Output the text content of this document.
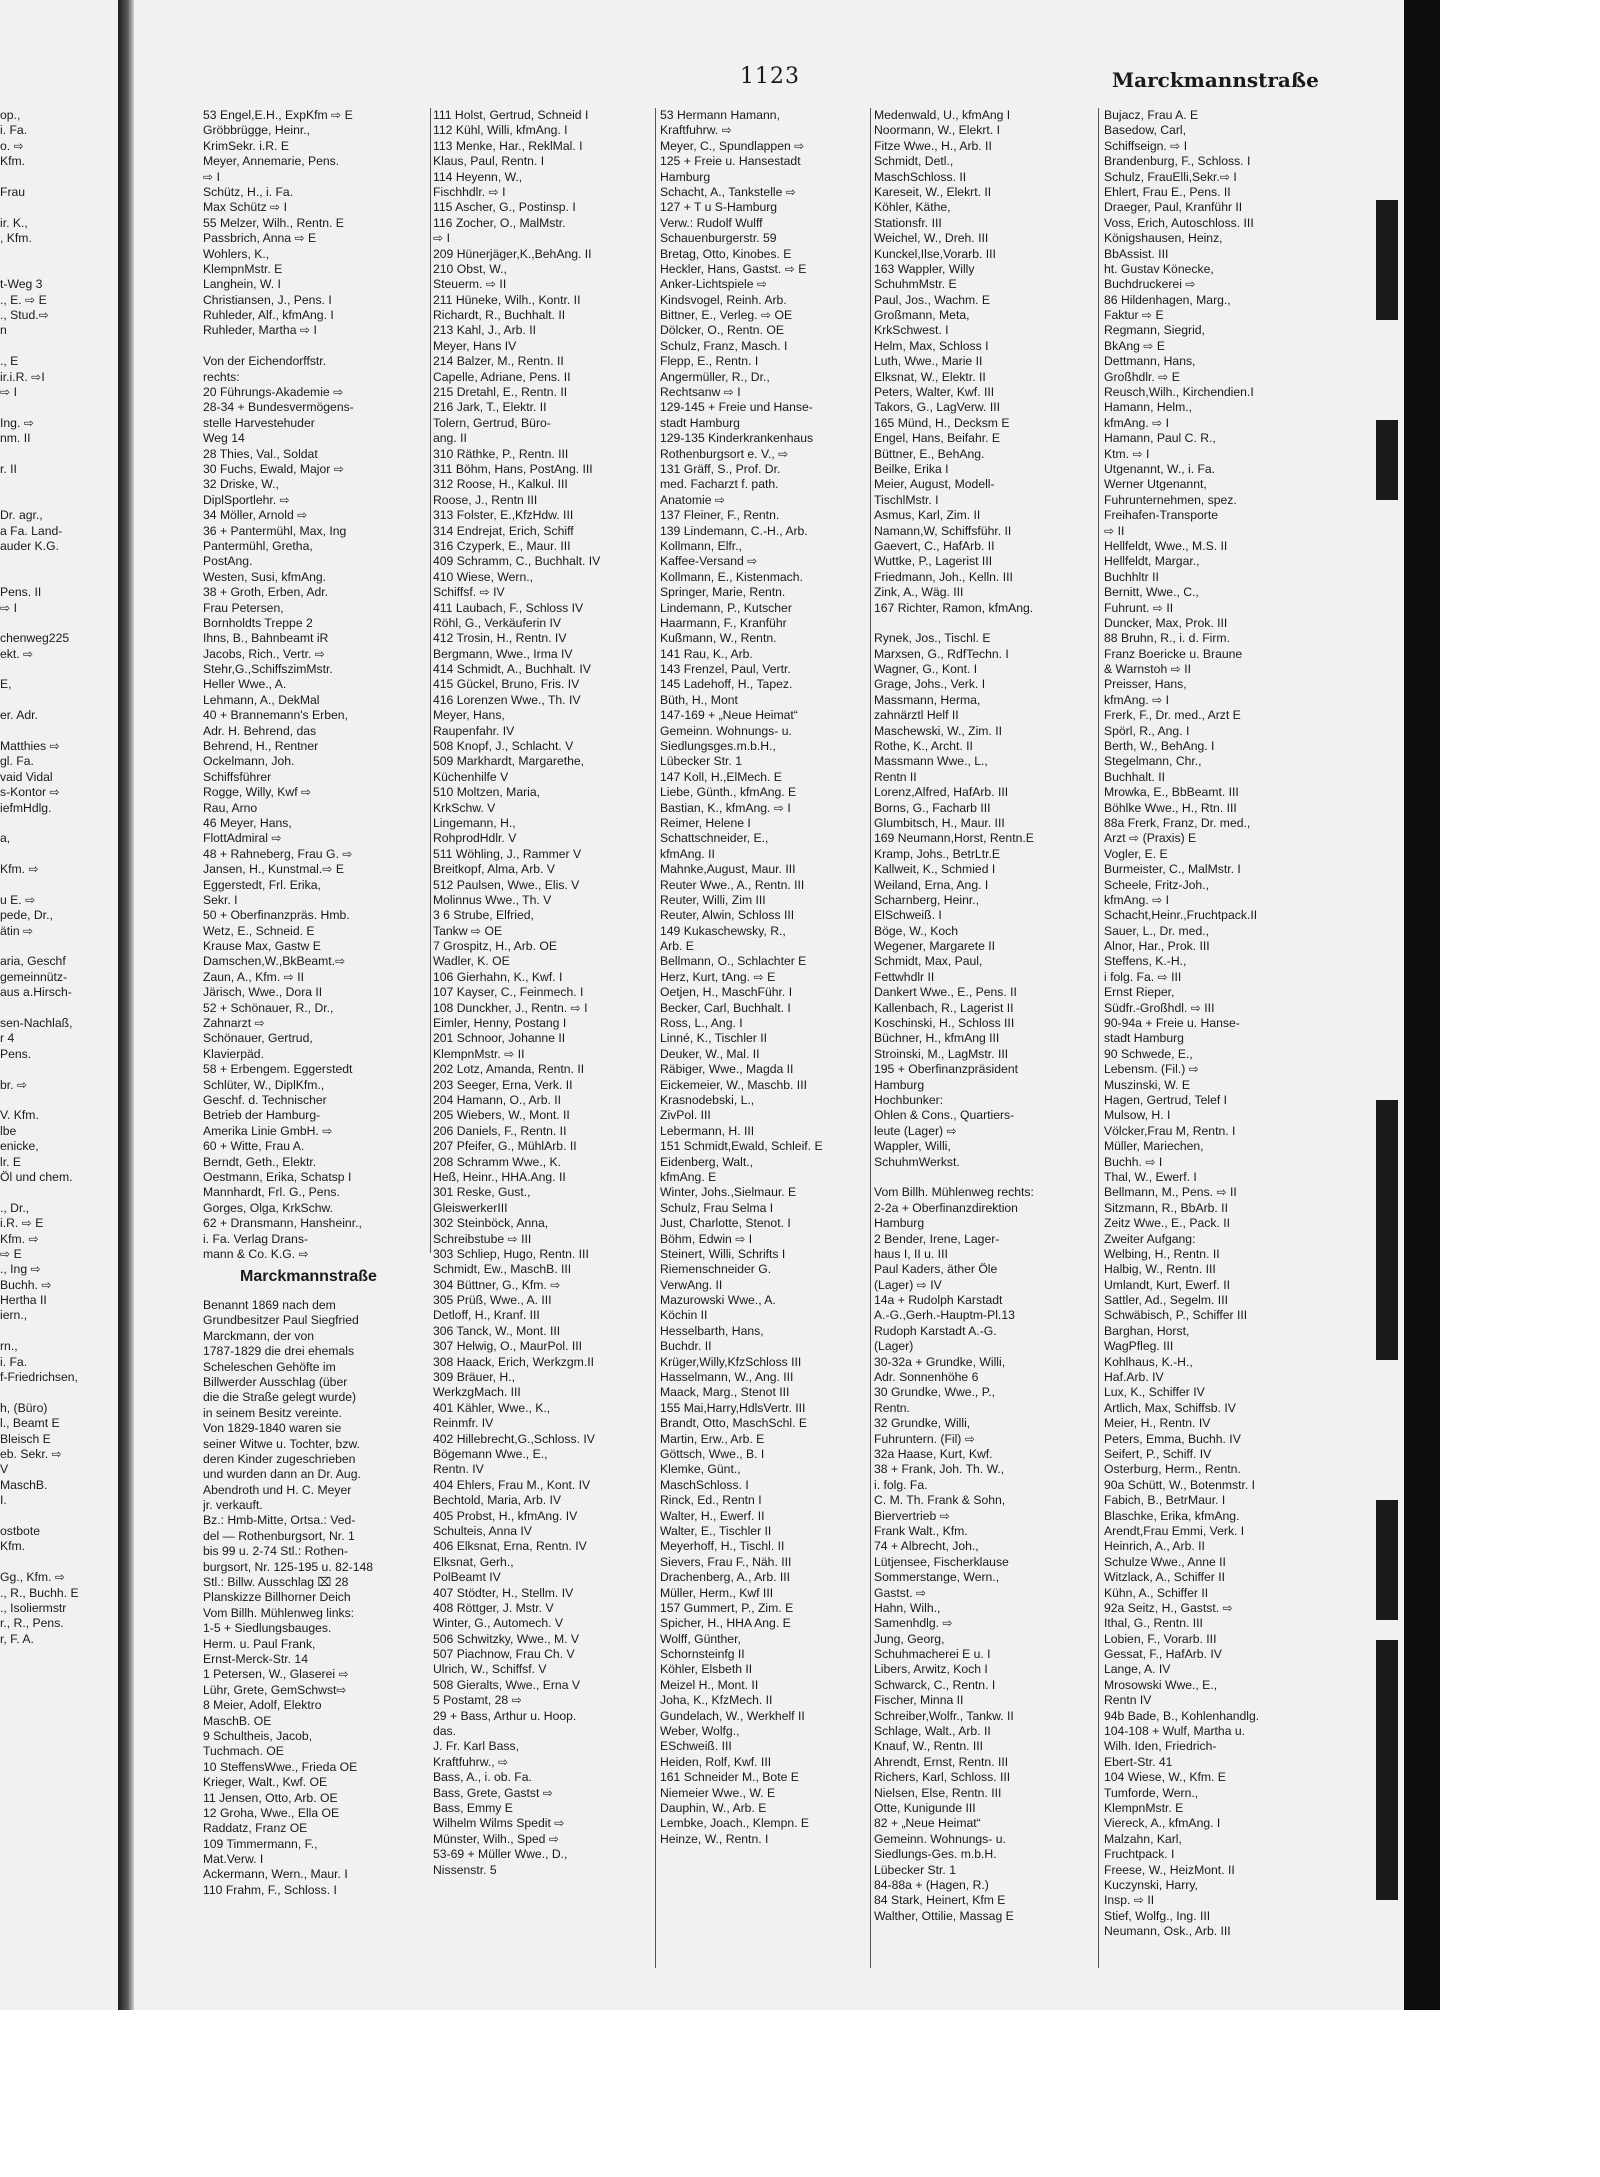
1123	Marckmannstraße
op.,
i. Fa.
o. ⇨
Kfm.
Frau
ir. K.,
, Kfm.
t-Weg 3
., E. ⇨ E
., Stud.⇨
n
., E
ir.i.R. ⇨I
⇨ I
Ing. ⇨
nm. II
r. II
Dr. agr.,
a Fa. Land-
auder K.G.
Pens. II
⇨ I
chenweg225
ekt. ⇨
E,
er. Adr.
Matthies ⇨
gl. Fa.
vaid Vidal
s-Kontor ⇨
iefmHdlg.
a,
Kfm. ⇨
u E. ⇨
pede, Dr.,
ätin ⇨
aria, Geschf
gemeinnütz-
aus a.Hirsch-
sen-Nachlaß,
r 4
Pens.
br. ⇨
V. Kfm.
lbe
enicke,
lr. E
Öl und chem.
., Dr.,
i.R. ⇨ E
Kfm. ⇨
⇨ E
., Ing ⇨
Buchh. ⇨
Hertha II
iern.,
rn.,
i. Fa.
f-Friedrichsen,
h, (Büro)
l., Beamt E
Bleisch E
eb. Sekr. ⇨
V
MaschB.
I.
ostbote
Kfm.
Gg., Kfm. ⇨
., R., Buchh. E
., Isoliermstr
r., R., Pens.
r, F. A.
53 Engel,E.H., ExpKfm ⇨ E
Gröbbrügge, Heinr.,
KrimSekr. i.R. E
Meyer, Annemarie, Pens.
⇨ I
Schütz, H., i. Fa.
Max Schütz ⇨ I
55 Melzer, Wilh., Rentn. E
Passbrich, Anna ⇨ E
Wohlers, K.,
KlempnMstr. E
Langhein, W. I
Christiansen, J., Pens. I
Ruhleder, Alf., kfmAng. I
Ruhleder, Martha ⇨ I
Von der Eichendorffstr.
rechts:
20 Führungs-Akademie ⇨
28-34 + Bundesvermögens-
stelle Harvestehuder
Weg 14
28 Thies, Val., Soldat
30 Fuchs, Ewald, Major ⇨
32 Driske, W.,
DiplSportlehr. ⇨
34 Möller, Arnold ⇨
36 + Pantermühl, Max, Ing
Pantermühl, Gretha,
PostAng.
Westen, Susi, kfmAng.
38 + Groth, Erben, Adr.
Frau Petersen,
Bornholdts Treppe 2
Ihns, B., Bahnbeamt iR
Jacobs, Rich., Vertr. ⇨
Stehr,G.,SchiffszimMstr.
Heller Wwe., A.
Lehmann, A., DekMal
40 + Brannemann's Erben,
Adr. H. Behrend, das
Behrend, H., Rentner
Ockelmann, Joh.
Schiffsführer
Rogge, Willy, Kwf ⇨
Rau, Arno
46 Meyer, Hans,
FlottAdmiral ⇨
48 + Rahneberg, Frau G. ⇨
Jansen, H., Kunstmal.⇨ E
Eggerstedt, Frl. Erika,
Sekr. I
50 + Oberfinanzpräs. Hmb.
Wetz, E., Schneid. E
Krause Max, Gastw E
Damschen,W.,BkBeamt.⇨
Zaun, A., Kfm. ⇨ II
Järisch, Wwe., Dora II
52 + Schönauer, R., Dr.,
Zahnarzt ⇨
Schönauer, Gertrud,
Klavierpäd.
58 + Erbengem. Eggerstedt
Schlüter, W., DiplKfm.,
Geschf. d. Technischer
Betrieb der Hamburg-
Amerika Linie GmbH. ⇨
60 + Witte, Frau A.
Berndt, Geth., Elektr.
Oestmann, Erika, Schatsp I
Mannhardt, Frl. G., Pens.
Gorges, Olga, KrkSchw.
62 + Dransmann, Hansheinr.,
i. Fa. Verlag Drans-
mann & Co. K.G. ⇨
Marckmannstraße
Benannt 1869 nach dem
Grundbesitzer Paul Siegfried
Marckmann, der von
1787-1829 die drei ehemals
Scheleschen Gehöfte im
Billwerder Ausschlag (über
die die Straße gelegt wurde)
in seinem Besitz vereinte.
Von 1829-1840 waren sie
seiner Witwe u. Tochter, bzw.
deren Kinder zugeschrieben
und wurden dann an Dr. Aug.
Abendroth und H. C. Meyer
jr. verkauft.
Bz.: Hmb-Mitte, Ortsa.: Ved-
del — Rothenburgsort, Nr. 1
bis 99 u. 2-74 Stl.: Rothen-
burgsort, Nr. 125-195 u. 82-148
Stl.: Billw. Ausschlag ⌧ 28
Planskizze Billhorner Deich
Vom Billh. Mühlenweg links:
1-5 + Siedlungsbauges.
Herm. u. Paul Frank,
Ernst-Merck-Str. 14
1 Petersen, W., Glaserei ⇨
Lühr, Grete, GemSchwst⇨
8 Meier, Adolf, Elektro
MaschB. OE
9 Schultheis, Jacob,
Tuchmach. OE
10 SteffensWwe., Frieda OE
Krieger, Walt., Kwf. OE
11 Jensen, Otto, Arb. OE
12 Groha, Wwe., Ella OE
Raddatz, Franz OE
109 Timmermann, F.,
Mat.Verw. I
Ackermann, Wern., Maur. I
110 Frahm, F., Schloss. I
111 Holst, Gertrud, Schneid I
112 Kühl, Willi, kfmAng. I
113 Menke, Har., ReklMal. I
Klaus, Paul, Rentn. I
114 Heyenn, W.,
Fischhdlr. ⇨ I
115 Ascher, G., Postinsp. I
116 Zocher, O., MalMstr.
⇨ I
209 Hünerjäger,K.,BehAng. II
210 Obst, W.,
Steuerm. ⇨ II
211 Hüneke, Wilh., Kontr. II
Richardt, R., Buchhalt. II
213 Kahl, J., Arb. II
Meyer, Hans IV
214 Balzer, M., Rentn. II
Capelle, Adriane, Pens. II
215 Dretahl, E., Rentn. II
216 Jark, T., Elektr. II
Tolern, Gertrud, Büro-
ang. II
310 Räthke, P., Rentn. III
311 Böhm, Hans, PostAng. III
312 Roose, H., Kalkul. III
Roose, J., Rentn III
313 Folster, E.,KfzHdw. III
314 Endrejat, Erich, Schiff
316 Czyperk, E., Maur. III
409 Schramm, C., Buchhalt. IV
410 Wiese, Wern.,
Schiffsf. ⇨ IV
411 Laubach, F., Schloss IV
Röhl, G., Verkäuferin IV
412 Trosin, H., Rentn. IV
Bergmann, Wwe., Irma IV
414 Schmidt, A., Buchhalt. IV
415 Gückel, Bruno, Fris. IV
416 Lorenzen Wwe., Th. IV
Meyer, Hans,
Raupenfahr. IV
508 Knopf, J., Schlacht. V
509 Markhardt, Margarethe,
Küchenhilfe V
510 Moltzen, Maria,
KrkSchw. V
Lingemann, H.,
RohprodHdlr. V
511 Wöhling, J., Rammer V
Breitkopf, Alma, Arb. V
512 Paulsen, Wwe., Elis. V
Molinnus Wwe., Th. V
3 6 Strube, Elfried,
Tankw ⇨ OE
7 Grospitz, H., Arb. OE
Wadler, K. OE
106 Gierhahn, K., Kwf. I
107 Kayser, C., Feinmech. I
108 Dunckher, J., Rentn. ⇨ I
Eimler, Henny, Postang I
201 Schnoor, Johanne II
KlempnMstr. ⇨ II
202 Lotz, Amanda, Rentn. II
203 Seeger, Erna, Verk. II
204 Hamann, O., Arb. II
205 Wiebers, W., Mont. II
206 Daniels, F., Rentn. II
207 Pfeifer, G., MühlArb. II
208 Schramm Wwe., K.
Heß, Heinr., HHA.Ang. II
301 Reske, Gust.,
GleiswerkerIII
302 Steinböck, Anna,
Schreibstube ⇨ III
303 Schliep, Hugo, Rentn. III
Schmidt, Ew., MaschB. III
304 Büttner, G., Kfm. ⇨
305 Prüß, Wwe., A. III
Detloff, H., Kranf. III
306 Tanck, W., Mont. III
307 Helwig, O., MaurPol. III
308 Haack, Erich, Werkzgm.II
309 Bräuer, H.,
WerkzgMach. III
401 Kähler, Wwe., K.,
Reinmfr. IV
402 Hillebrecht,G.,Schloss. IV
Bögemann Wwe., E.,
Rentn. IV
404 Ehlers, Frau M., Kont. IV
Bechtold, Maria, Arb. IV
405 Probst, H., kfmAng. IV
Schulteis, Anna IV
406 Elksnat, Erna, Rentn. IV
Elksnat, Gerh.,
PolBeamt IV
407 Stödter, H., Stellm. IV
408 Röttger, J. Mstr. V
Winter, G., Automech. V
506 Schwitzky, Wwe., M. V
507 Piachnow, Frau Ch. V
Ulrich, W., Schiffsf. V
508 Gieralts, Wwe., Erna V
5 Postamt, 28 ⇨
29 + Bass, Arthur u. Hoop.
das.
J. Fr. Karl Bass,
Kraftfuhrw., ⇨
Bass, A., i. ob. Fa.
Bass, Grete, Gastst ⇨
Bass, Emmy E
Wilhelm Wilms Spedit ⇨
Münster, Wilh., Sped ⇨
53-69 + Müller Wwe., D.,
Nissenstr. 5
53 Hermann Hamann,
Kraftfuhrw. ⇨
Meyer, C., Spundlappen ⇨
125 + Freie u. Hansestadt
Hamburg
Schacht, A., Tankstelle ⇨
127 + T u S-Hamburg
Verw.: Rudolf Wulff
Schauenburgerstr. 59
Bretag, Otto, Kinobes. E
Heckler, Hans, Gastst. ⇨ E
Anker-Lichtspiele ⇨
Kindsvogel, Reinh. Arb.
Bittner, E., Verleg. ⇨ OE
Dölcker, O., Rentn. OE
Schulz, Franz, Masch. I
Flepp, E., Rentn. I
Angermüller, R., Dr.,
Rechtsanw ⇨ I
129-145 + Freie und Hanse-
stadt Hamburg
129-135 Kinderkrankenhaus
Rothenburgsort e. V., ⇨
131 Gräff, S., Prof. Dr.
med. Facharzt f. path.
Anatomie ⇨
137 Fleiner, F., Rentn.
139 Lindemann, C.-H., Arb.
Kollmann, Elfr.,
Kaffee-Versand ⇨
Kollmann, E., Kistenmach.
Springer, Marie, Rentn.
Lindemann, P., Kutscher
Haarmann, F., Kranführ
Kußmann, W., Rentn.
141 Rau, K., Arb.
143 Frenzel, Paul, Vertr.
145 Ladehoff, H., Tapez.
Büth, H., Mont
147-169 + „Neue Heimat“
Gemeinn. Wohnungs- u.
Siedlungsges.m.b.H.,
Lübecker Str. 1
147 Koll, H.,ElMech. E
Liebe, Günth., kfmAng. E
Bastian, K., kfmAng. ⇨ I
Reimer, Helene I
Schattschneider, E.,
kfmAng. II
Mahnke,August, Maur. III
Reuter Wwe., A., Rentn. III
Reuter, Willi, Zim III
Reuter, Alwin, Schloss III
149 Kukaschewsky, R.,
Arb. E
Bellmann, O., Schlachter E
Herz, Kurt, tAng. ⇨ E
Oetjen, H., MaschFühr. I
Becker, Carl, Buchhalt. I
Ross, L., Ang. I
Linné, K., Tischler II
Deuker, W., Mal. II
Räbiger, Wwe., Magda II
Eickemeier, W., Maschb. III
Krasnodebski, L.,
ZivPol. III
Lebermann, H. III
151 Schmidt,Ewald, Schleif. E
Eidenberg, Walt.,
kfmAng. E
Winter, Johs.,Sielmaur. E
Schulz, Frau Selma I
Just, Charlotte, Stenot. I
Böhm, Edwin ⇨ I
Steinert, Willi, Schrifts I
Riemenschneider G.
VerwAng. II
Mazurowski Wwe., A.
Köchin II
Hesselbarth, Hans,
Buchdr. II
Krüger,Willy,KfzSchloss III
Hasselmann, W., Ang. III
Maack, Marg., Stenot III
155 Mai,Harry,HdlsVertr. III
Brandt, Otto, MaschSchl. E
Martin, Erw., Arb. E
Göttsch, Wwe., B. I
Klemke, Günt.,
MaschSchloss. I
Rinck, Ed., Rentn I
Walter, H., Ewerf. II
Walter, E., Tischler II
Meyerhoff, H., Tischl. II
Sievers, Frau F., Näh. III
Drachenberg, A., Arb. III
Müller, Herm., Kwf III
157 Gummert, P., Zim. E
Spicher, H., HHA Ang. E
Wolff, Günther,
Schornsteinfg II
Köhler, Elsbeth II
Meizel H., Mont. II
Joha, K., KfzMech. II
Gundelach, W., Werkhelf II
Weber, Wolfg.,
ESchweiß. III
Heiden, Rolf, Kwf. III
161 Schneider M., Bote E
Niemeier Wwe., W. E
Dauphin, W., Arb. E
Lembke, Joach., Klempn. E
Heinze, W., Rentn. I
Medenwald, U., kfmAng I
Noormann, W., Elekrt. I
Fitze Wwe., H., Arb. II
Schmidt, Detl.,
MaschSchloss. II
Kareseit, W., Elekrt. II
Köhler, Käthe,
Stationsfr. III
Weichel, W., Dreh. III
Kunckel,Ilse,Vorarb. III
163 Wappler, Willy
SchuhmMstr. E
Paul, Jos., Wachm. E
Großmann, Meta,
KrkSchwest. I
Helm, Max, Schloss I
Luth, Wwe., Marie II
Elksnat, W., Elektr. II
Peters, Walter, Kwf. III
Takors, G., LagVerw. III
165 Münd, H., Decksm E
Engel, Hans, Beifahr. E
Büttner, E., BehAng.
Beilke, Erika I
Meier, August, Modell-
TischlMstr. I
Asmus, Karl, Zim. II
Namann,W, Schiffsführ. II
Gaevert, C., HafArb. II
Wuttke, P., Lagerist III
Friedmann, Joh., Kelln. III
Zink, A., Wäg. III
167 Richter, Ramon, kfmAng.
Rynek, Jos., Tischl. E
Marxsen, G., RdfTechn. I
Wagner, G., Kont. I
Grage, Johs., Verk. I
Massmann, Herma,
zahnärztl Helf II
Maschewski, W., Zim. II
Rothe, K., Archt. II
Massmann Wwe., L.,
Rentn II
Lorenz,Alfred, HafArb. III
Borns, G., Facharb III
Glumbitsch, H., Maur. III
169 Neumann,Horst, Rentn.E
Kramp, Johs., BetrLtr.E
Kallweit, K., Schmied I
Weiland, Erna, Ang. I
Scharnberg, Heinr.,
ElSchweiß. I
Böge, W., Koch
Wegener, Margarete II
Schmidt, Max, Paul,
Fettwhdlr II
Dankert Wwe., E., Pens. II
Kallenbach, R., Lagerist II
Koschinski, H., Schloss III
Büchner, H., kfmAng III
Stroinski, M., LagMstr. III
195 + Oberfinanzpräsident
Hamburg
Hochbunker:
Ohlen & Cons., Quartiers-
leute (Lager) ⇨
Wappler, Willi,
SchuhmWerkst.
Vom Billh. Mühlenweg rechts:
2-2a + Oberfinanzdirektion
Hamburg
2 Bender, Irene, Lager-
haus I, II u. III
Paul Kaders, äther Öle
(Lager) ⇨ IV
14a + Rudolph Karstadt
A.-G.,Gerh.-Hauptm-Pl.13
Rudoph Karstadt A.-G.
(Lager)
30-32a + Grundke, Willi,
Adr. Sonnenhöhe 6
30 Grundke, Wwe., P.,
Rentn.
32 Grundke, Willi,
Fuhruntern. (Fil) ⇨
32a Haase, Kurt, Kwf.
38 + Frank, Joh. Th. W.,
i. folg. Fa.
C. M. Th. Frank & Sohn,
Biervertrieb ⇨
Frank Walt., Kfm.
74 + Albrecht, Joh.,
Lütjensee, Fischerklause
Sommerstange, Wern.,
Gastst. ⇨
Hahn, Wilh.,
Samenhdlg. ⇨
Jung, Georg,
Schuhmacherei E u. I
Libers, Arwitz, Koch I
Schwarck, C., Rentn. I
Fischer, Minna II
Schreiber,Wolfr., Tankw. II
Schlage, Walt., Arb. II
Knauf, W., Rentn. III
Ahrendt, Ernst, Rentn. III
Richers, Karl, Schloss. III
Nielsen, Else, Rentn. III
Otte, Kunigunde III
82 + „Neue Heimat“
Gemeinn. Wohnungs- u.
Siedlungs-Ges. m.b.H.
Lübecker Str. 1
84-88a + (Hagen, R.)
84 Stark, Heinert, Kfm E
Walther, Ottilie, Massag E
Bujacz, Frau A. E
Basedow, Carl,
Schiffseign. ⇨ I
Brandenburg, F., Schloss. I
Schulz, FrauElli,Sekr.⇨ I
Ehlert, Frau E., Pens. II
Draeger, Paul, Kranführ II
Voss, Erich, Autoschloss. III
Königshausen, Heinz,
BbAssist. III
ht. Gustav Könecke,
Buchdruckerei ⇨
86 Hildenhagen, Marg.,
Faktur ⇨ E
Regmann, Siegrid,
BkAng ⇨ E
Dettmann, Hans,
Großhdlr. ⇨ E
Reusch,Wilh., Kirchendien.I
Hamann, Helm.,
kfmAng. ⇨ I
Hamann, Paul C. R.,
Ktm. ⇨ I
Utgenannt, W., i. Fa.
Werner Utgenannt,
Fuhrunternehmen, spez.
Freihafen-Transporte
⇨ II
Hellfeldt, Wwe., M.S. II
Hellfeldt, Margar.,
Buchhltr II
Bernitt, Wwe., C.,
Fuhrunt. ⇨ II
Duncker, Max, Prok. III
88 Bruhn, R., i. d. Firm.
Franz Boericke u. Braune
& Warnstoh ⇨ II
Preisser, Hans,
kfmAng. ⇨ I
Frerk, F., Dr. med., Arzt E
Spörl, R., Ang. I
Berth, W., BehAng. I
Stegelmann, Chr.,
Buchhalt. II
Mrowka, E., BbBeamt. III
Böhlke Wwe., H., Rtn. III
88a Frerk, Franz, Dr. med.,
Arzt ⇨ (Praxis) E
Vogler, E. E
Burmeister, C., MalMstr. I
Scheele, Fritz-Joh.,
kfmAng. ⇨ I
Schacht,Heinr.,Fruchtpack.II
Sauer, L., Dr. med.,
Alnor, Har., Prok. III
Steffens, K.-H.,
i folg. Fa. ⇨ III
Ernst Rieper,
Südfr.-Großhdl. ⇨ III
90-94a + Freie u. Hanse-
stadt Hamburg
90 Schwede, E.,
Lebensm. (Fil.) ⇨
Muszinski, W. E
Hagen, Gertrud, Telef I
Mulsow, H. I
Völcker,Frau M, Rentn. I
Müller, Mariechen,
Buchh. ⇨ I
Thal, W., Ewerf. I
Bellmann, M., Pens. ⇨ II
Sitzmann, R., BbArb. II
Zeitz Wwe., E., Pack. II
Zweiter Aufgang:
Welbing, H., Rentn. II
Halbig, W., Rentn. III
Umlandt, Kurt, Ewerf. II
Sattler, Ad., Segelm. III
Schwäbisch, P., Schiffer III
Barghan, Horst,
WagPfleg. III
Kohlhaus, K.-H.,
Haf.Arb. IV
Lux, K., Schiffer IV
Artlich, Max, Schiffsb. IV
Meier, H., Rentn. IV
Peters, Emma, Buchh. IV
Seifert, P., Schiff. IV
Osterburg, Herm., Rentn.
90a Schütt, W., Botenmstr. I
Fabich, B., BetrMaur. I
Blaschke, Erika, kfmAng.
Arendt,Frau Emmi, Verk. I
Heinrich, A., Arb. II
Schulze Wwe., Anne II
Witzlack, A., Schiffer II
Kühn, A., Schiffer II
92a Seitz, H., Gastst. ⇨
Ithal, G., Rentn. III
Lobien, F., Vorarb. III
Gessat, F., HafArb. IV
Lange, A. IV
Mrosowski Wwe., E.,
Rentn IV
94b Bade, B., Kohlenhandlg.
104-108 + Wulf, Martha u.
Wilh. Iden, Friedrich-
Ebert-Str. 41
104 Wiese, W., Kfm. E
Tumforde, Wern.,
KlempnMstr. E
Viereck, A., kfmAng. I
Malzahn, Karl,
Fruchtpack. I
Freese, W., HeizMont. II
Kuczynski, Harry,
Insp. ⇨ II
Stief, Wolfg., Ing. III
Neumann, Osk., Arb. III
